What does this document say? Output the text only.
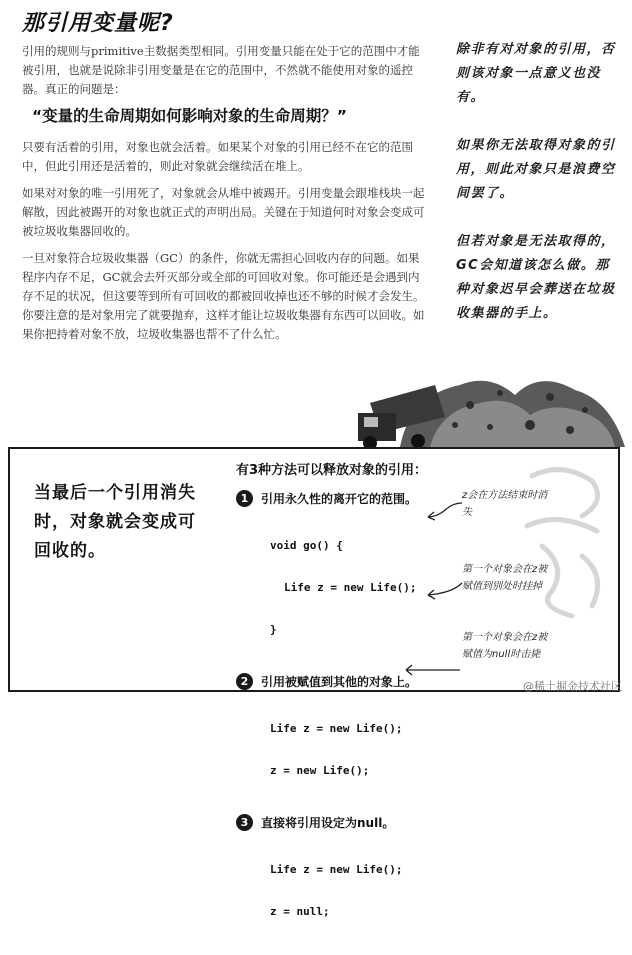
那引用变量呢?

引用的规则与primitive主数据类型相同。引用变量只能在处于它的范围中才能被引用，也就是说除非引用变量是在它的范围中，不然就不能使用对象的遥控器。真正的问题是：

“变量的生命周期如何影响对象的生命周期？”

只要有活着的引用，对象也就会活着。如果某个对象的引用已经不在它的范围中，但此引用还是活着的，则此对象就会继续活在堆上。

如果对对象的唯一引用死了，对象就会从堆中被踢开。引用变量会跟堆栈块一起解散，因此被踢开的对象也就正式的声明出局。关键在于知道何时对象会变成可被垃圾收集器回收的。

一旦对象符合垃圾收集器（GC）的条件，你就无需担心回收内存的问题。如果程序内存不足，GC就会去歼灭部分或全部的可回收对象。你可能还是会遇到内存不足的状况，但这要等到所有可回收的都被回收掉也还不够的时候才会发生。你要注意的是对象用完了就要抛弃，这样才能让垃圾收集器有东西可以回收。如果你把持着对象不放，垃圾收集器也帮不了什么忙。

除非有对对象的引用，否则该对象一点意义也没有。

如果你无法取得对象的引用，则此对象只是浪费空间罢了。

但若对象是无法取得的，GC会知道该怎么做。那种对象迟早会葬送在垃圾收集器的手上。

当最后一个引用消失时，对象就会变成可回收的。
有3种方法可以释放对象的引用：
1	引用永久性的离开它的范围。

void go() {

Life z = new Life();

}

2	引用被赋值到其他的对象上。

Life z = new Life();

z = new Life();

3	直接将引用设定为null。

Life z = new Life();

z = null;

z会在方法结束时消失
第一个对象会在z被赋值到别处时挂掉
第一个对象会在z被赋值为null时击毙
@稀土掘金技术社区
